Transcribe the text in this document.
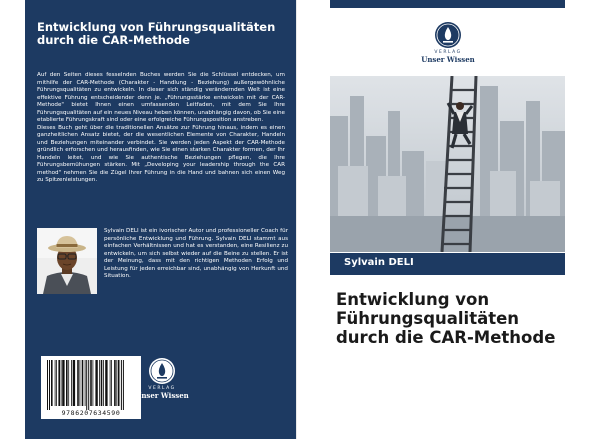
Entwicklung von Führungsqualitäten durch die CAR-Methode

Auf den Seiten dieses fesselnden Buches werden Sie die Schlüssel entdecken, um mithilfe der CAR-Methode (Charakter - Handlung - Beziehung) außergewöhnliche Führungsqualitäten zu entwickeln. In dieser sich ständig verändernden Welt ist eine effektive Führung entscheidender denn je. „Führungsstärke entwickeln mit der CAR-Methode" bietet Ihnen einen umfassenden Leitfaden, mit dem Sie Ihre Führungsqualitäten auf ein neues Niveau heben können, unabhängig davon, ob Sie eine etablierte Führungskraft sind oder eine erfolgreiche Führungsposition anstreben.

Dieses Buch geht über die traditionellen Ansätze zur Führung hinaus, indem es einen ganzheitlichen Ansatz bietet, der die wesentlichen Elemente von Charakter, Handeln und Beziehungen miteinander verbindet. Sie werden jeden Aspekt der CAR-Methode gründlich erforschen und herausfinden, wie Sie einen starken Charakter formen, der Ihr Handeln leitet, und wie Sie authentische Beziehungen pflegen, die Ihre Führungsbemühungen stärken. Mit „Developing your leadership through the CAR method" nehmen Sie die Zügel Ihrer Führung in die Hand und bahnen sich einen Weg zu Spitzenleistungen.

Sylvain DELI ist ein ivorischer Autor und professioneller Coach für persönliche Entwicklung und Führung. Sylvain DELI stammt aus einfachen Verhältnissen und hat es verstanden, eine Resilienz zu entwickeln, um sich selbst wieder auf die Beine zu stellen. Er ist der Meinung, dass mit den richtigen Methoden Erfolg und Leistung für jeden erreichbar sind, unabhängig von Herkunft und Situation.

9786207634590
VERLAG
Unser Wissen
VERLAG
Unser Wissen

Sylvain DELI

Entwicklung von Führungsqualitäten durch die CAR-Methode
